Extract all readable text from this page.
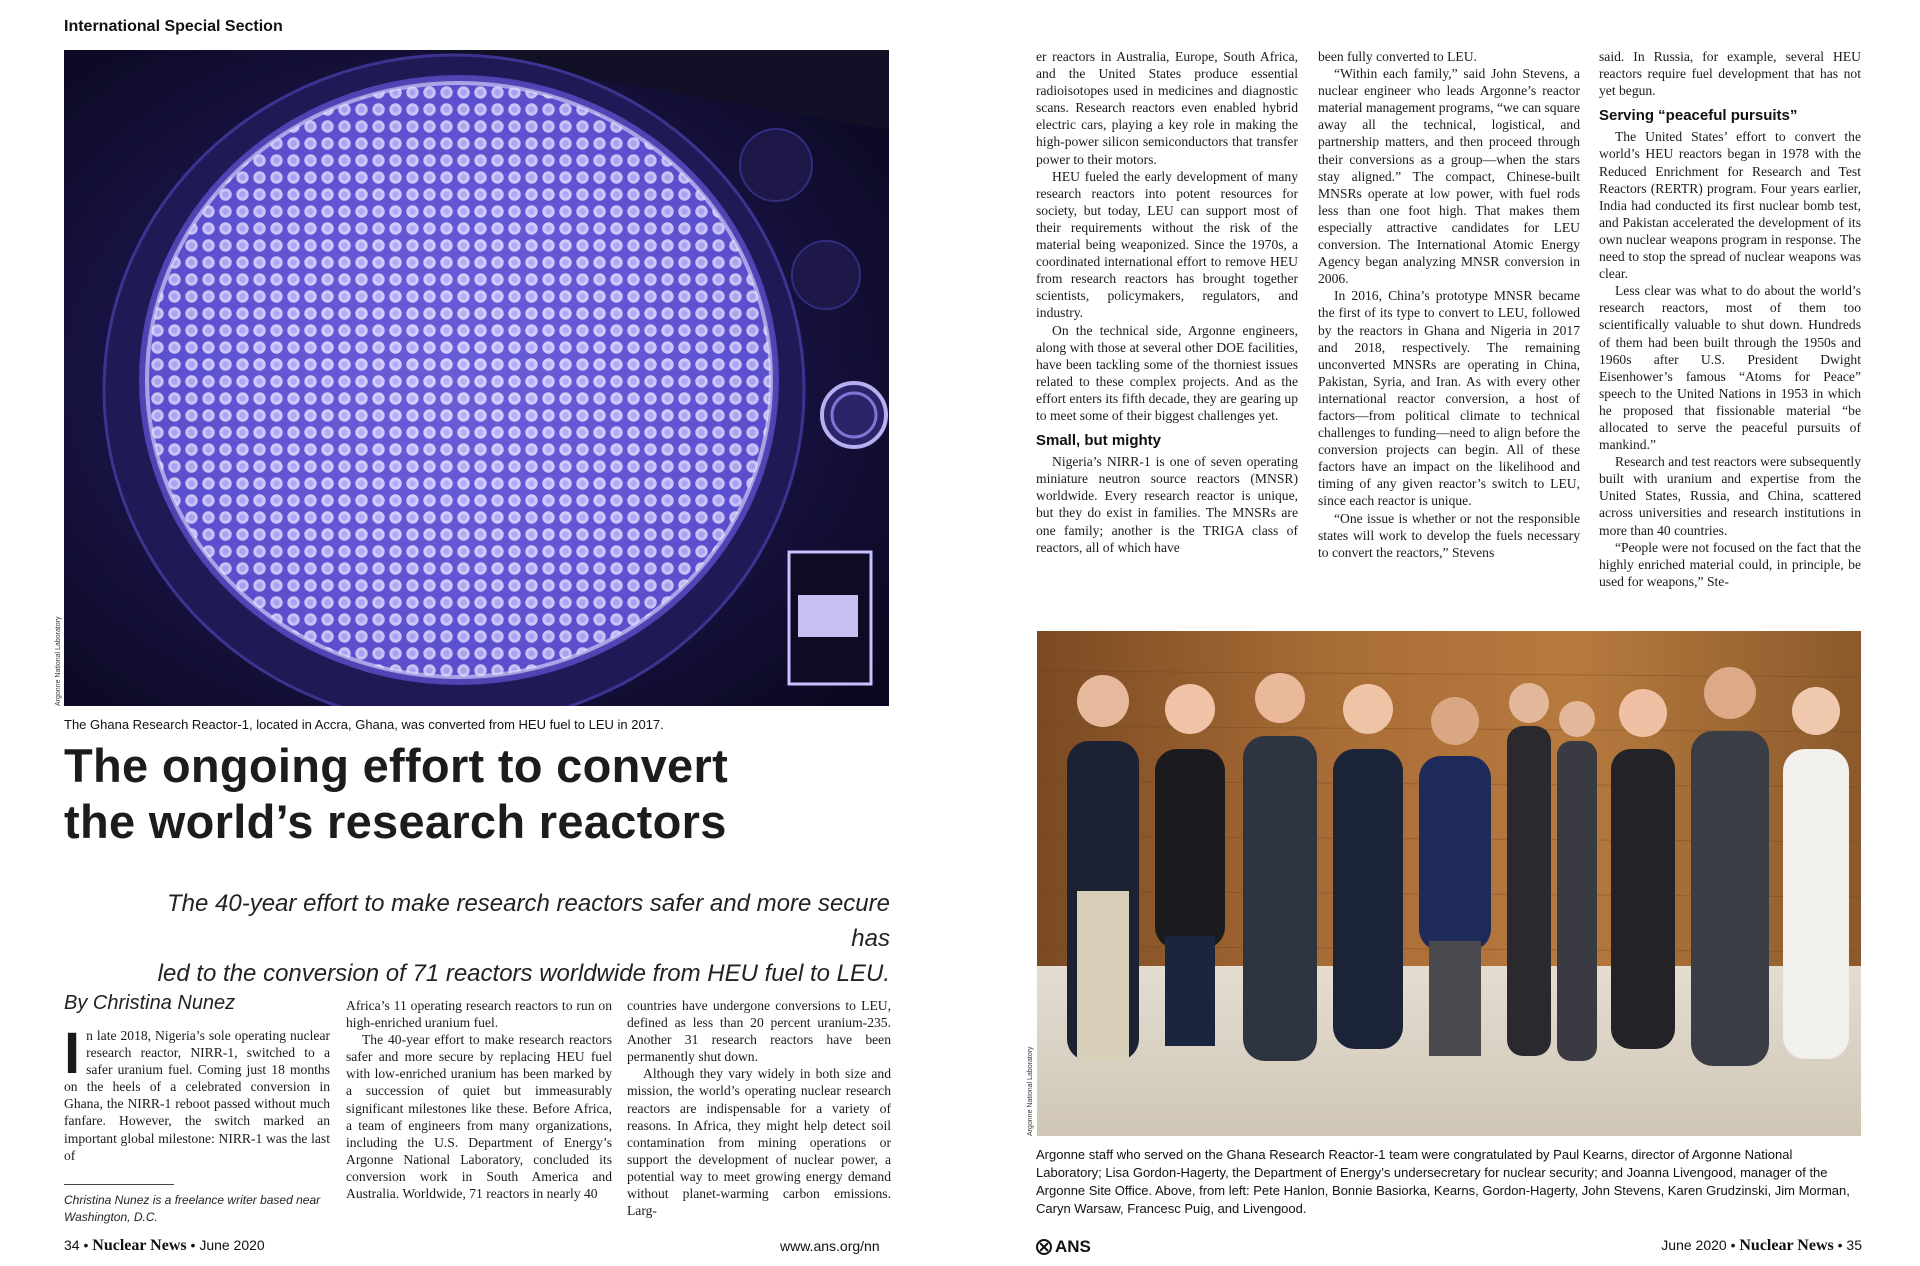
International Special Section
Argonne National Laboratory
The Ghana Research Reactor-1, located in Accra, Ghana, was converted from HEU fuel to LEU in 2017.
The ongoing effort to convert
the world’s research reactors
The 40-year effort to make research reactors safer and more secure has
led to the conversion of 71 reactors worldwide from HEU fuel to LEU.
By Christina Nunez

In late 2018, Nigeria’s sole operating nuclear research reactor, NIRR-1, switched to a safer uranium fuel. Coming just 18 months on the heels of a celebrated conversion in Ghana, the NIRR-1 reboot passed without much fanfare. However, the switch marked an important global milestone: NIRR-1 was the last of

Christina Nunez is a freelance writer based near Washington, D.C.

Africa’s 11 operating research reactors to run on high-enriched uranium fuel.

The 40-year effort to make research reactors safer and more secure by replacing HEU fuel with low-enriched uranium has been marked by a succession of quiet but immeasurably significant milestones like these. Before Africa, a team of engineers from many organizations, including the U.S. Department of Energy’s Argonne National Laboratory, concluded its conversion work in South America and Australia. Worldwide, 71 reactors in nearly 40

countries have undergone conversions to LEU, defined as less than 20 percent uranium-235. Another 31 research reactors have been permanently shut down.

Although they vary widely in both size and mission, the world’s operating nuclear research reactors are indispensable for a variety of reasons. In Africa, they might help detect soil contamination from mining operations or support the development of nuclear power, a potential way to meet growing energy demand without planet-warming carbon emissions. Larg-

34 • Nuclear News • June 2020	www.ans.org/nn

er reactors in Australia, Europe, South Africa, and the United States produce essential radioisotopes used in medicines and diagnostic scans. Research reactors even enabled hybrid electric cars, playing a key role in making the high-power silicon semiconductors that transfer power to their motors.

HEU fueled the early development of many research reactors into potent resources for society, but today, LEU can support most of their requirements without the risk of the material being weaponized. Since the 1970s, a coordinated international effort to remove HEU from research reactors has brought together scientists, policymakers, regulators, and industry.

On the technical side, Argonne engineers, along with those at several other DOE facilities, have been tackling some of the thorniest issues related to these complex projects. And as the effort enters its fifth decade, they are gearing up to meet some of their biggest challenges yet.

Small, but mighty

Nigeria’s NIRR-1 is one of seven operating miniature neutron source reactors (MNSR) worldwide. Every research reactor is unique, but they do exist in families. The MNSRs are one family; another is the TRIGA class of reactors, all of which have

been fully converted to LEU.

“Within each family,” said John Stevens, a nuclear engineer who leads Argonne’s reactor material management programs, “we can square away all the technical, logistical, and partnership matters, and then proceed through their conversions as a group—when the stars stay aligned.” The compact, Chinese-built MNSRs operate at low power, with fuel rods less than one foot high. That makes them especially attractive candidates for LEU conversion. The International Atomic Energy Agency began analyzing MNSR conversion in 2006.

In 2016, China’s prototype MNSR became the first of its type to convert to LEU, followed by the reactors in Ghana and Nigeria in 2017 and 2018, respectively. The remaining unconverted MNSRs are operating in China, Pakistan, Syria, and Iran. As with every other international reactor conversion, a host of factors—from political climate to technical challenges to funding—need to align before the conversion projects can begin. All of these factors have an impact on the likelihood and timing of any given reactor’s switch to LEU, since each reactor is unique.

“One issue is whether or not the responsible states will work to develop the fuels necessary to convert the reactors,” Stevens

said. In Russia, for example, several HEU reactors require fuel development that has not yet begun.

Serving “peaceful pursuits”

The United States’ effort to convert the world’s HEU reactors began in 1978 with the Reduced Enrichment for Research and Test Reactors (RERTR) program. Four years earlier, India had conducted its first nuclear bomb test, and Pakistan accelerated the development of its own nuclear weapons program in response. The need to stop the spread of nuclear weapons was clear.

Less clear was what to do about the world’s research reactors, most of them too scientifically valuable to shut down. Hundreds of them had been built through the 1950s and 1960s after U.S. President Dwight Eisenhower’s famous “Atoms for Peace” speech to the United Nations in 1953 in which he proposed that fissionable material “be allocated to serve the peaceful pursuits of mankind.”

Research and test reactors were subsequently built with uranium and expertise from the United States, Russia, and China, scattered across universities and research institutions in more than 40 countries.

“People were not focused on the fact that the highly enriched material could, in principle, be used for weapons,” Ste-

Argonne National Laboratory
Argonne staff who served on the Ghana Research Reactor-1 team were congratulated by Paul Kearns, director of Argonne National Laboratory; Lisa Gordon-Hagerty, the Department of Energy’s undersecretary for nuclear security; and Joanna Livengood, manager of the Argonne Site Office. Above, from left: Pete Hanlon, Bonnie Basiorka, Kearns, Gordon-Hagerty, John Stevens, Karen Grudzinski, Jim Morman, Caryn Warsaw, Francesc Puig, and Livengood.
ANS	June 2020 • Nuclear News • 35
